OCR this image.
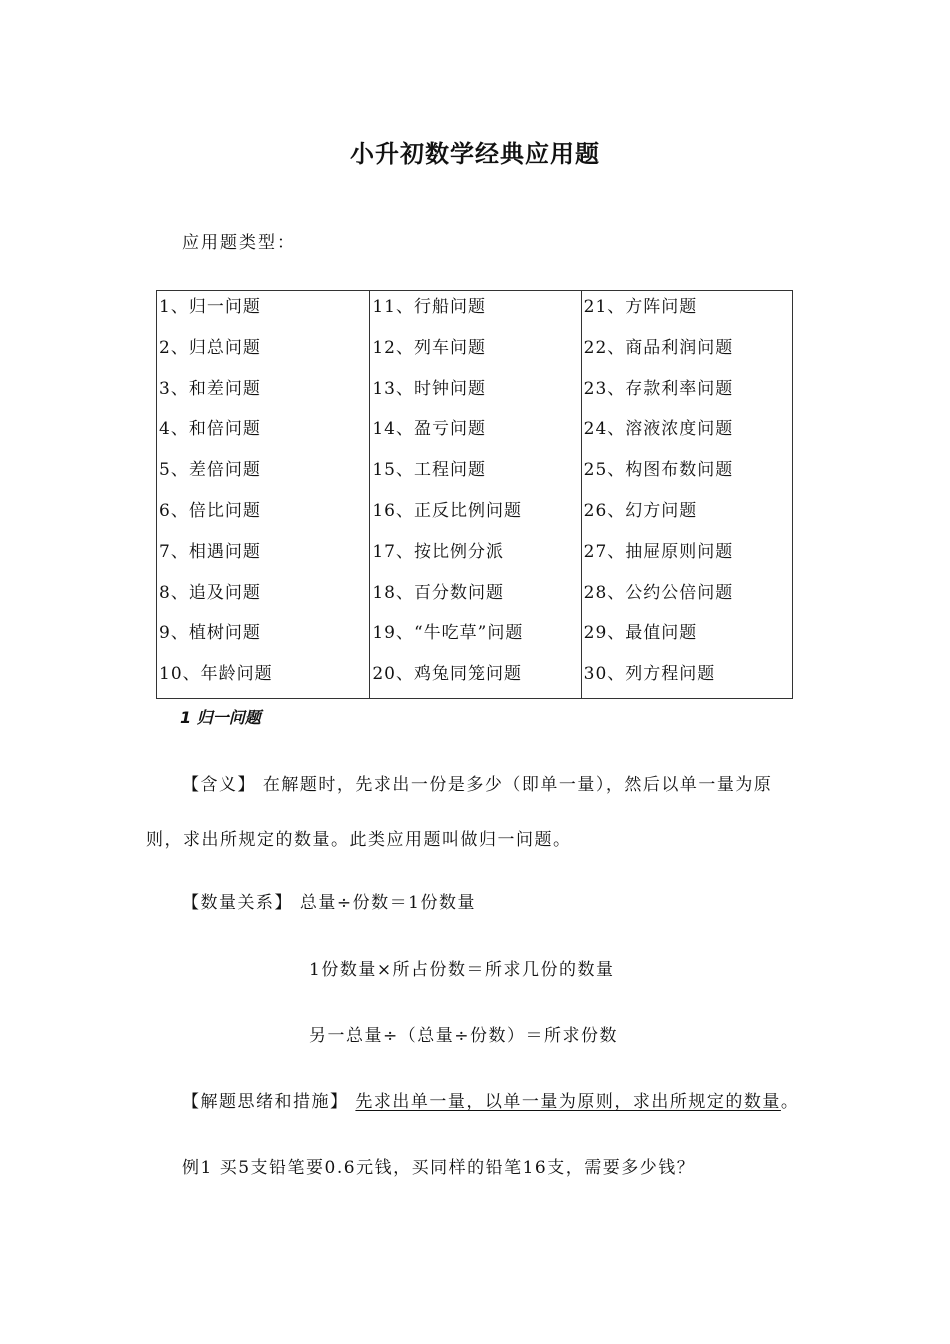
小升初数学经典应用题
应用题类型：
1、归一问题
2、归总问题
3、和差问题
4、和倍问题
5、差倍问题
6、倍比问题
7、相遇问题
8、追及问题
9、植树问题
10、年龄问题
11、行船问题
12、列车问题
13、时钟问题
14、盈亏问题
15、工程问题
16、正反比例问题
17、按比例分派
18、百分数问题
19、“牛吃草”问题
20、鸡兔同笼问题
21、方阵问题
22、商品利润问题
23、存款利率问题
24、溶液浓度问题
25、构图布数问题
26、幻方问题
27、抽屉原则问题
28、公约公倍问题
29、最值问题
30、列方程问题
1 归一问题
【含义】 在解题时，先求出一份是多少（即单一量），然后以单一量为原
则，求出所规定的数量。此类应用题叫做归一问题。
【数量关系】 总量÷份数＝1份数量
1份数量×所占份数＝所求几份的数量
另一总量÷（总量÷份数）＝所求份数
【解题思绪和措施】 先求出单一量，以单一量为原则，求出所规定的数量。
例1 买5支铅笔要0.6元钱，买同样的铅笔16支，需要多少钱？
